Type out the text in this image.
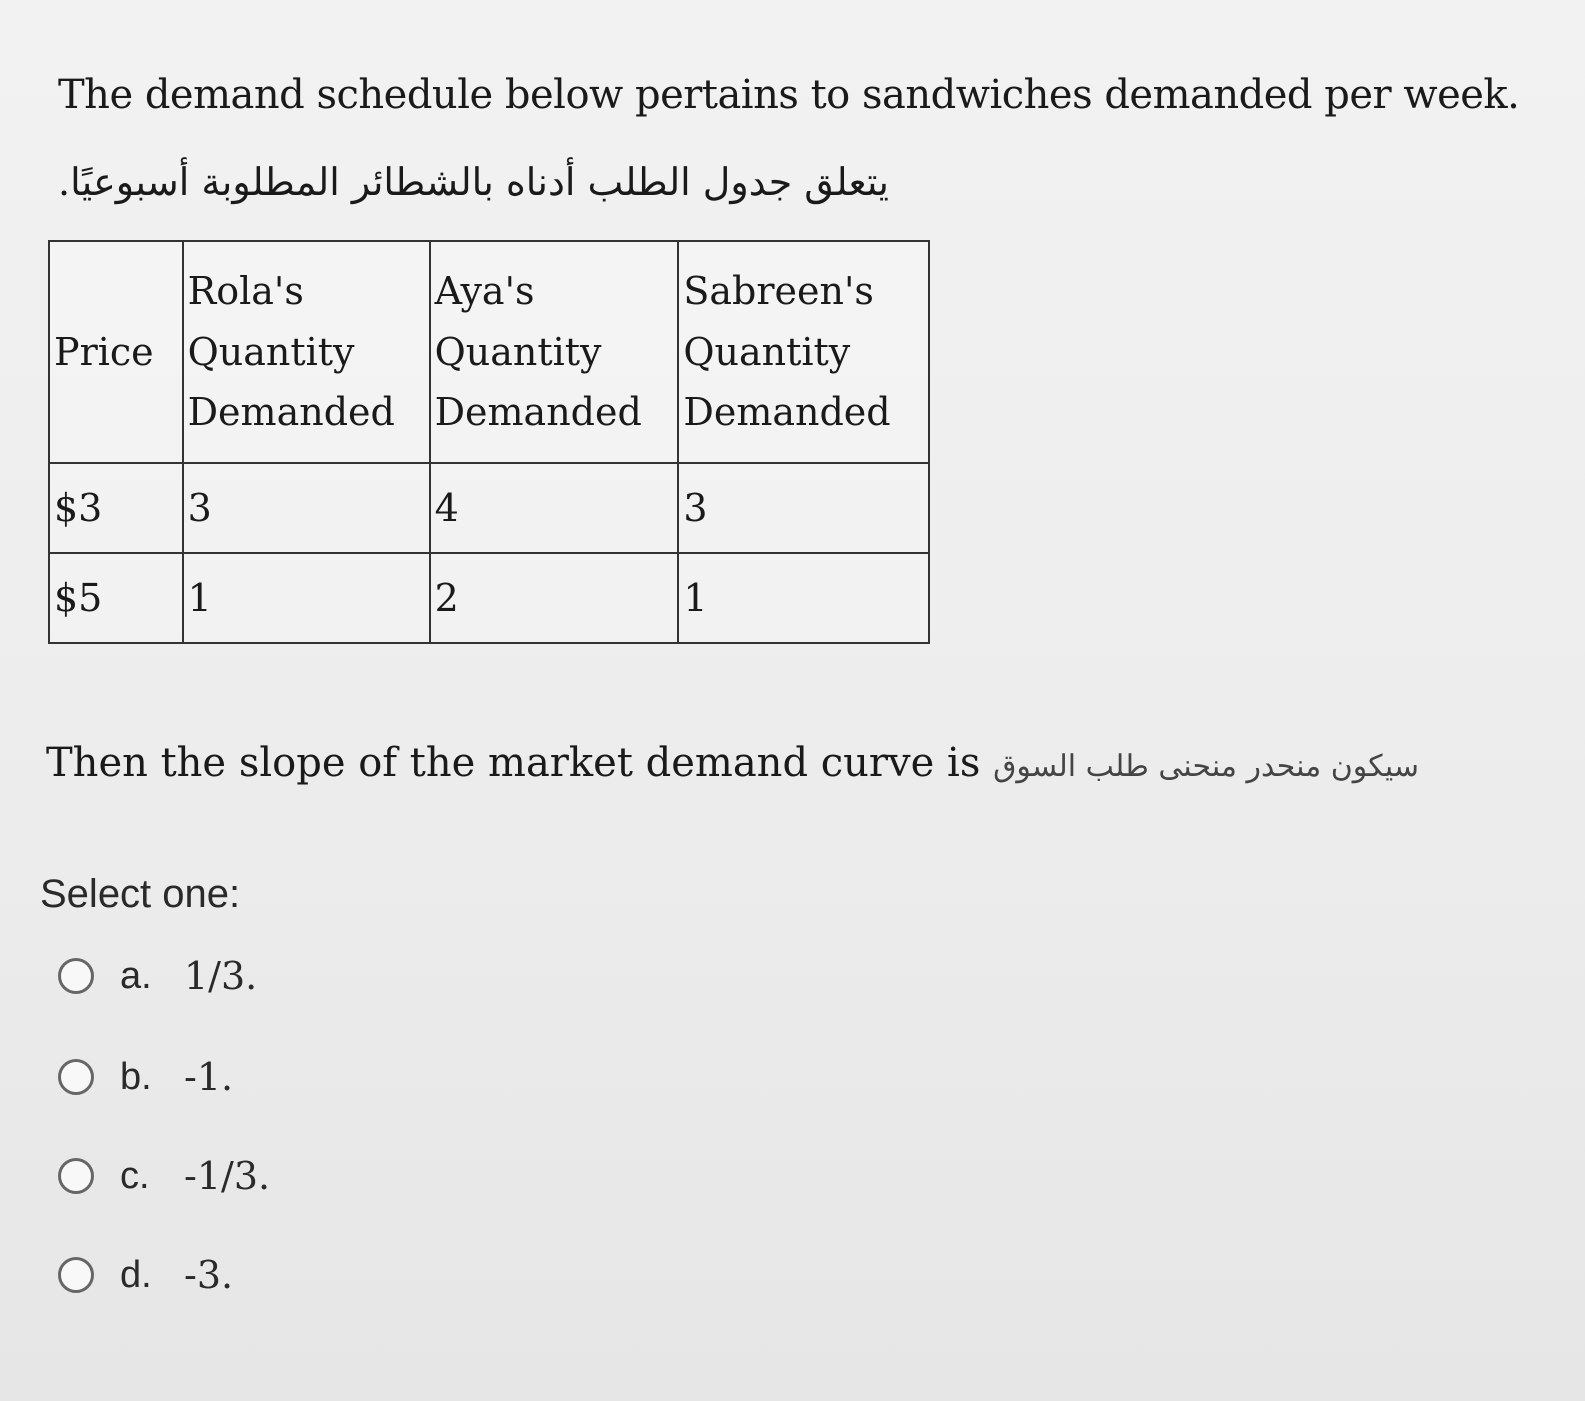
The demand schedule below pertains to sandwiches demanded per week.
يتعلق جدول الطلب أدناه بالشطائر المطلوبة أسبوعيًا.
Price	Rola's Quantity Demanded	Aya's Quantity Demanded	Sabreen's Quantity Demanded
$3	3	4	3
$5	1	2	1
Then the slope of the market demand curve is سيكون منحدر منحنى طلب السوق
Select one:
a. 1/3.
b. -1.
c. -1/3.
d. -3.
